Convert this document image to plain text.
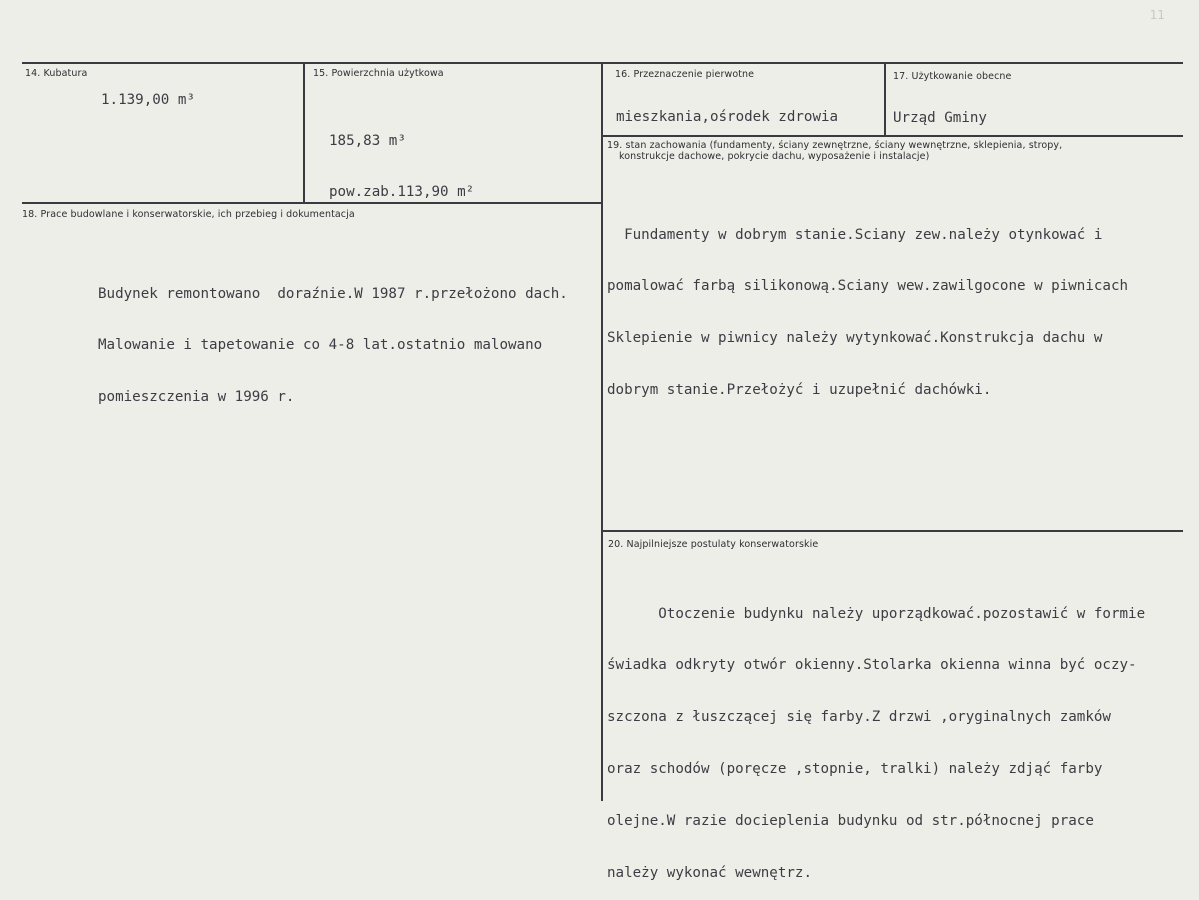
11
14. Kubatura
1.139,00 m³
15. Powierzchnia użytkowa

185,83 m³

pow.zab.113,90 m²

16. Przeznaczenie pierwotne
mieszkania,ośrodek zdrowia
17. Użytkowanie obecne
Urząd Gminy
18. Prace budowlane i konserwatorskie, ich przebieg i dokumentacja

Budynek remontowano  doraźnie.W 1987 r.przełożono dach.

Malowanie i tapetowanie co 4-8 lat.ostatnio malowano

pomieszczenia w 1996 r.

19. stan zachowania (fundamenty, ściany zewnętrzne, ściany wewnętrzne, sklepienia, stropy,
konstrukcje dachowe, pokrycie dachu, wyposażenie i instalacje)

Fundamenty w dobrym stanie.Sciany zew.należy otynkować i

pomalować farbą silikonową.Sciany wew.zawilgocone w piwnicach

Sklepienie w piwnicy należy wytynkować.Konstrukcja dachu w

dobrym stanie.Przełożyć i uzupełnić dachówki.

20. Najpilniejsze postulaty konserwatorskie

Otoczenie budynku należy uporządkować.pozostawić w formie

świadka odkryty otwór okienny.Stolarka okienna winna być oczy-

szczona z łuszczącej się farby.Z drzwi ,oryginalnych zamków

oraz schodów (poręcze ,stopnie, tralki) należy zdjąć farby

olejne.W razie docieplenia budynku od str.północnej prace

należy wykonać wewnętrz.
